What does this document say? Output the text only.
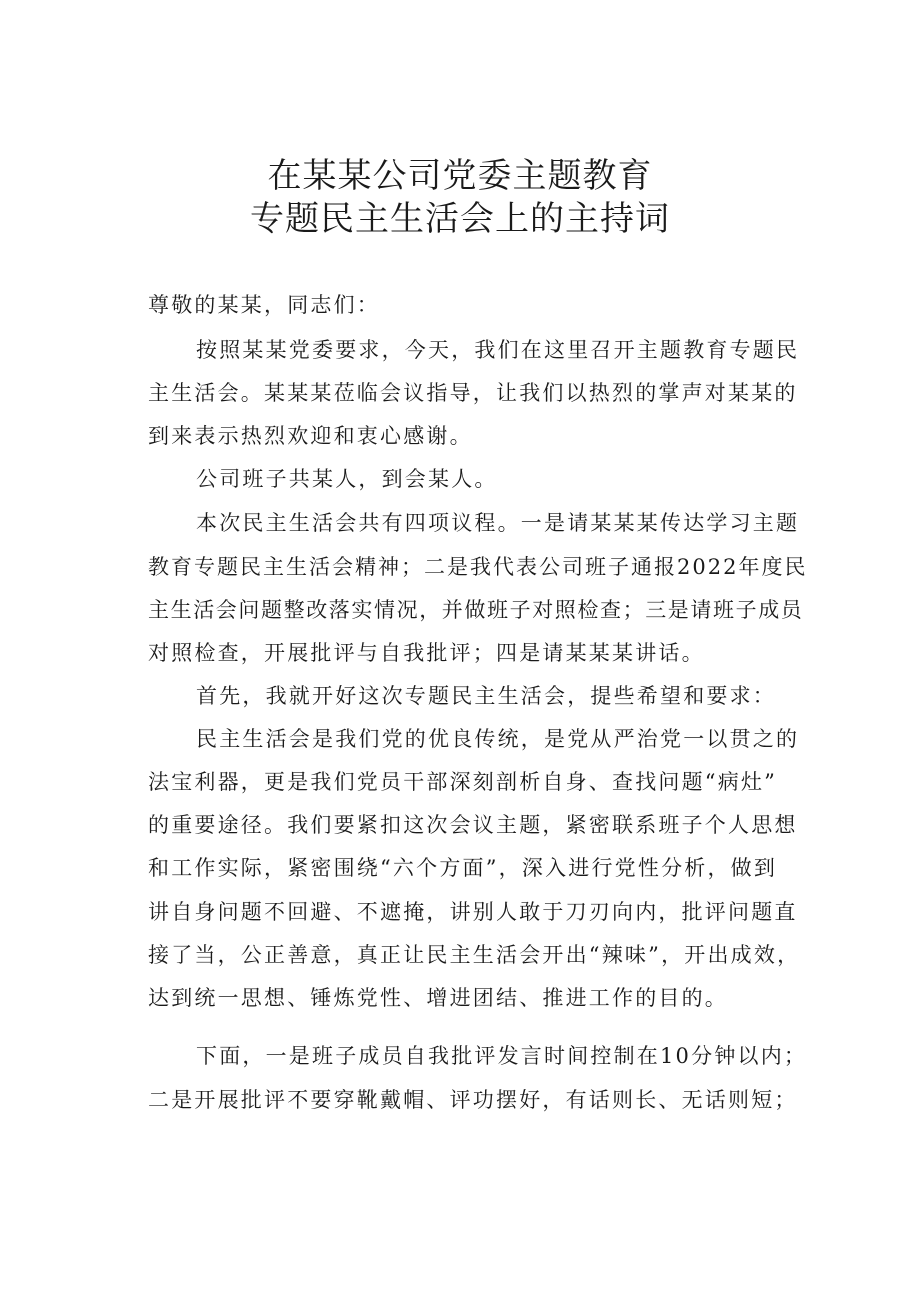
在某某公司党委主题教育
专题民主生活会上的主持词
尊敬的某某，同志们：
按照某某党委要求，今天，我们在这里召开主题教育专题民
主生活会。某某某莅临会议指导，让我们以热烈的掌声对某某的
到来表示热烈欢迎和衷心感谢。
公司班子共某人，到会某人。
本次民主生活会共有四项议程。一是请某某某传达学习主题
教育专题民主生活会精神；二是我代表公司班子通报2022年度民
主生活会问题整改落实情况，并做班子对照检查；三是请班子成员
对照检查，开展批评与自我批评；四是请某某某讲话。
首先，我就开好这次专题民主生活会，提些希望和要求：
民主生活会是我们党的优良传统，是党从严治党一以贯之的
法宝利器，更是我们党员干部深刻剖析自身、查找问题“病灶”
的重要途径。我们要紧扣这次会议主题，紧密联系班子个人思想
和工作实际，紧密围绕“六个方面”，深入进行党性分析，做到
讲自身问题不回避、不遮掩，讲别人敢于刀刃向内，批评问题直
接了当，公正善意，真正让民主生活会开出“辣味”，开出成效，
达到统一思想、锤炼党性、增进团结、推进工作的目的。
下面，一是班子成员自我批评发言时间控制在10分钟以内；
二是开展批评不要穿靴戴帽、评功摆好，有话则长、无话则短；
